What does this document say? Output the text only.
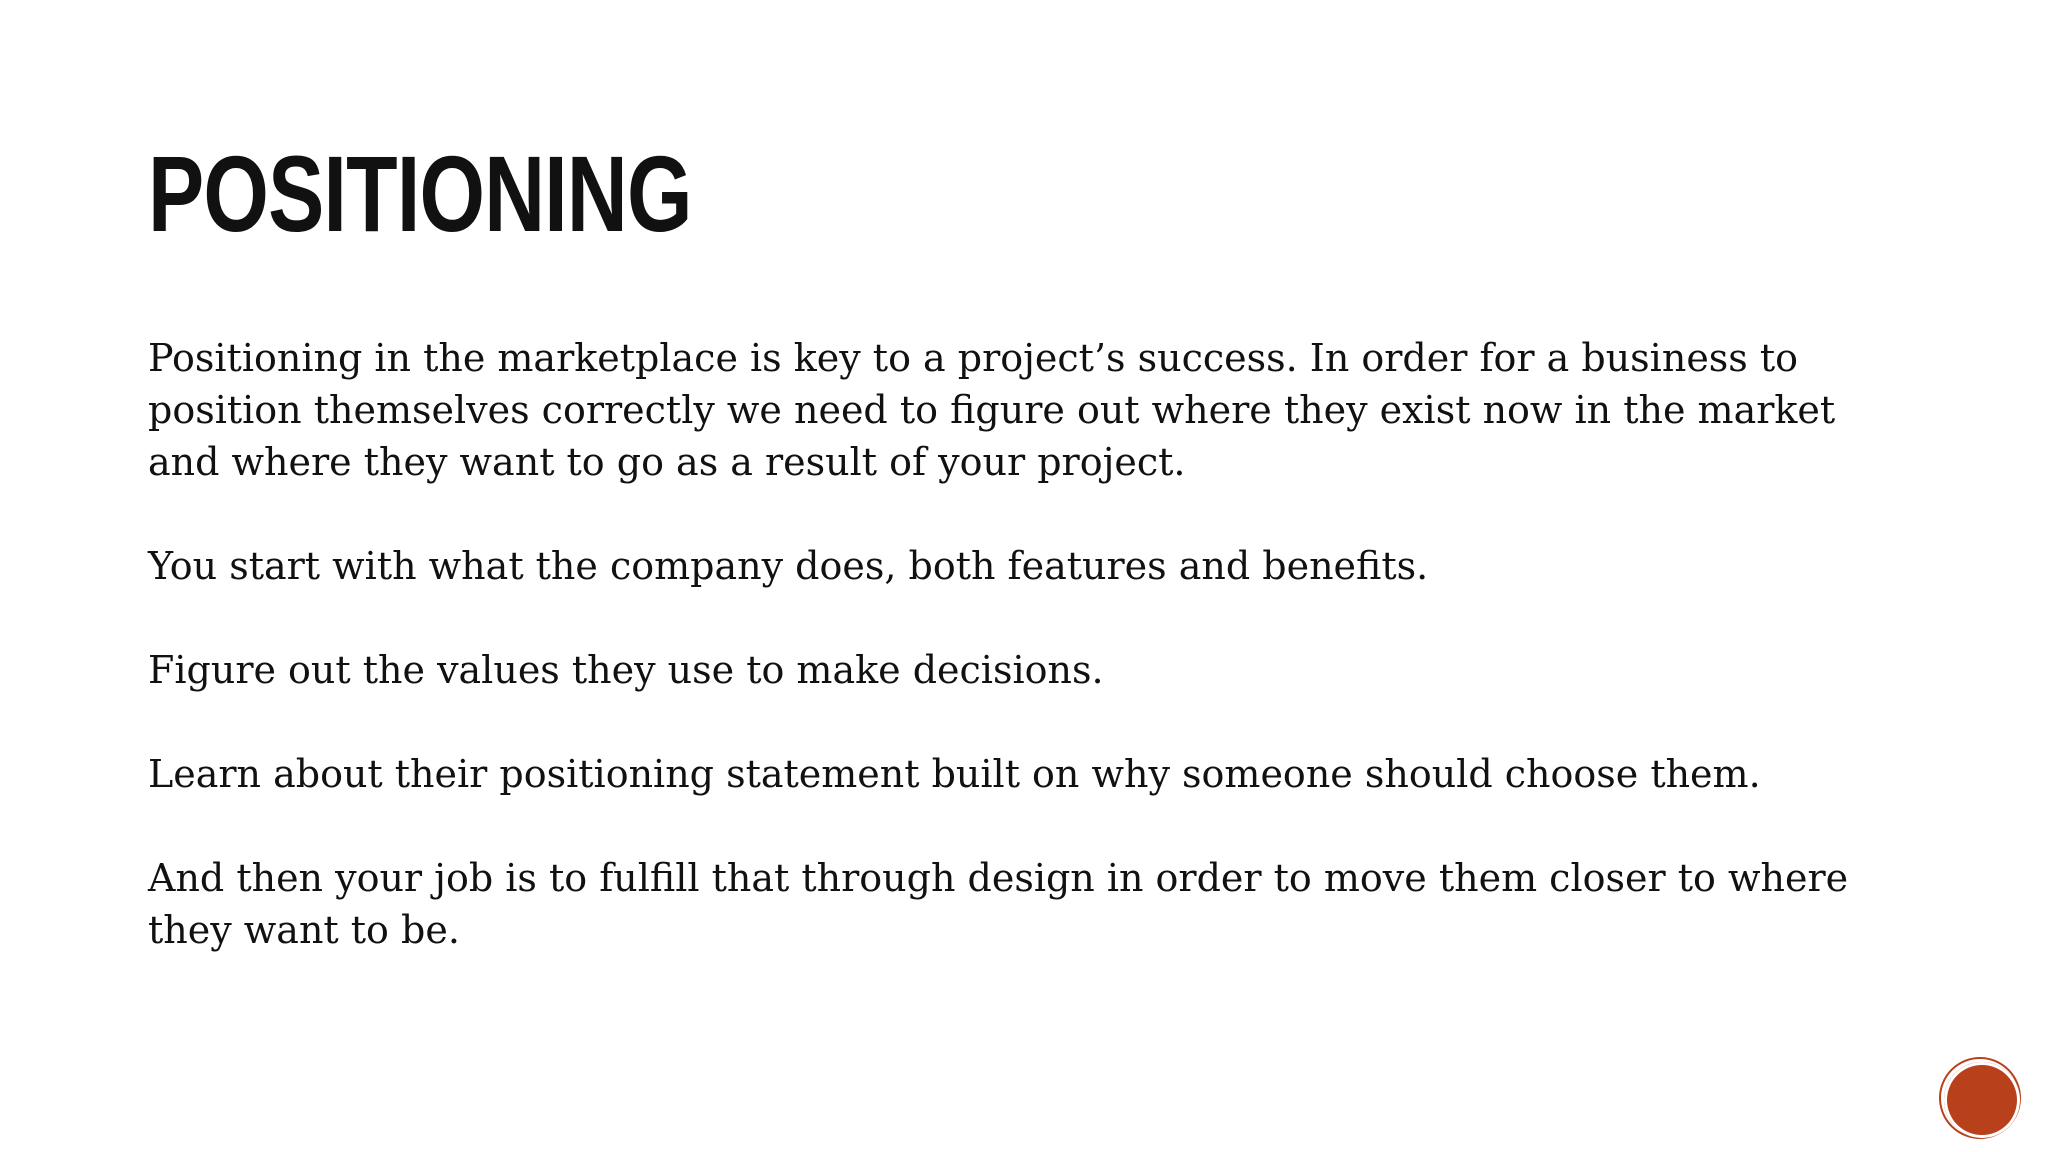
POSITIONING

Positioning in the marketplace is key to a project’s success. In order for a business to position themselves correctly we need to figure out where they exist now in the market and where they want to go as a result of your project.

You start with what the company does, both features and benefits.

Figure out the values they use to make decisions.

Learn about their positioning statement built on why someone should choose them.

And then your job is to fulfill that through design in order to move them closer to where they want to be.
